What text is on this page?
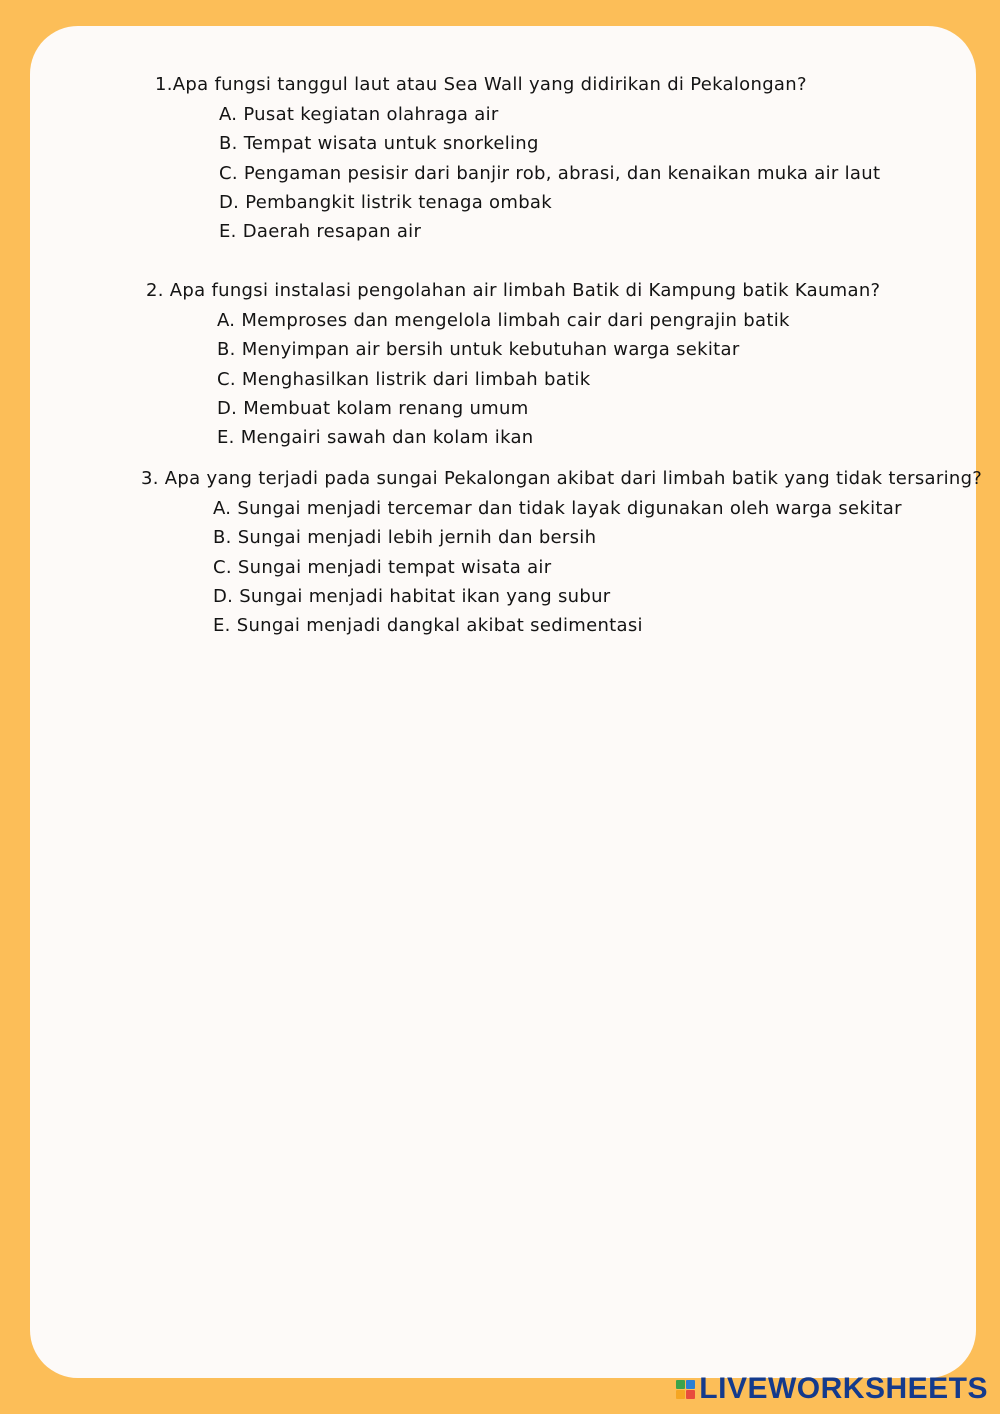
1.Apa fungsi tanggul laut atau Sea Wall yang didirikan di Pekalongan?
A. Pusat kegiatan olahraga air
B. Tempat wisata untuk snorkeling
C. Pengaman pesisir dari banjir rob, abrasi, dan kenaikan muka air laut
D. Pembangkit listrik tenaga ombak
E. Daerah resapan air
2. Apa fungsi instalasi pengolahan air limbah Batik di Kampung batik Kauman?
A. Memproses dan mengelola limbah cair dari pengrajin batik
B. Menyimpan air bersih untuk kebutuhan warga sekitar
C. Menghasilkan listrik dari limbah batik
D. Membuat kolam renang umum
E. Mengairi sawah dan kolam ikan
3. Apa yang terjadi pada sungai Pekalongan akibat dari limbah batik yang tidak tersaring?
A. Sungai menjadi tercemar dan tidak layak digunakan oleh warga sekitar
B. Sungai menjadi lebih jernih dan bersih
C. Sungai menjadi tempat wisata air
D. Sungai menjadi habitat ikan yang subur
E. Sungai menjadi dangkal akibat sedimentasi
LIVEWORKSHEETS
